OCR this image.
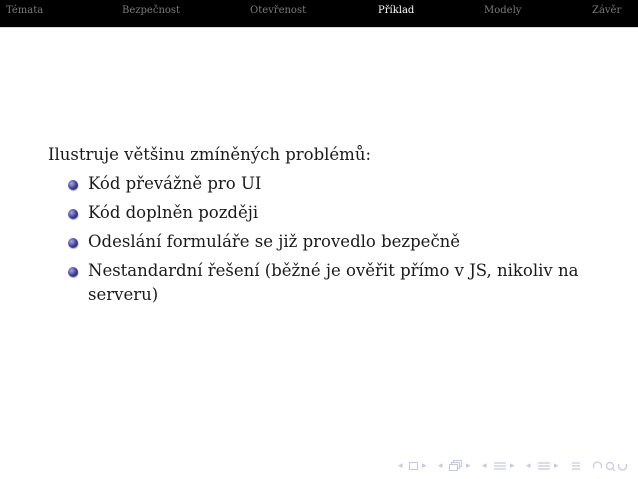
Témata	Bezpečnost	Otevřenost	Příklad	Modely	Závěr

Ilustruje většinu zmíněných problémů:

Kód převážně pro UI
Kód doplněn později
Odeslání formuláře se již provedlo bezpečně
Nestandardní řešení (běžné je ověřit přímo v JS, nikoliv na serveru)
◂ ▸ ◂	▸ ◂	▸ ◂	▸
